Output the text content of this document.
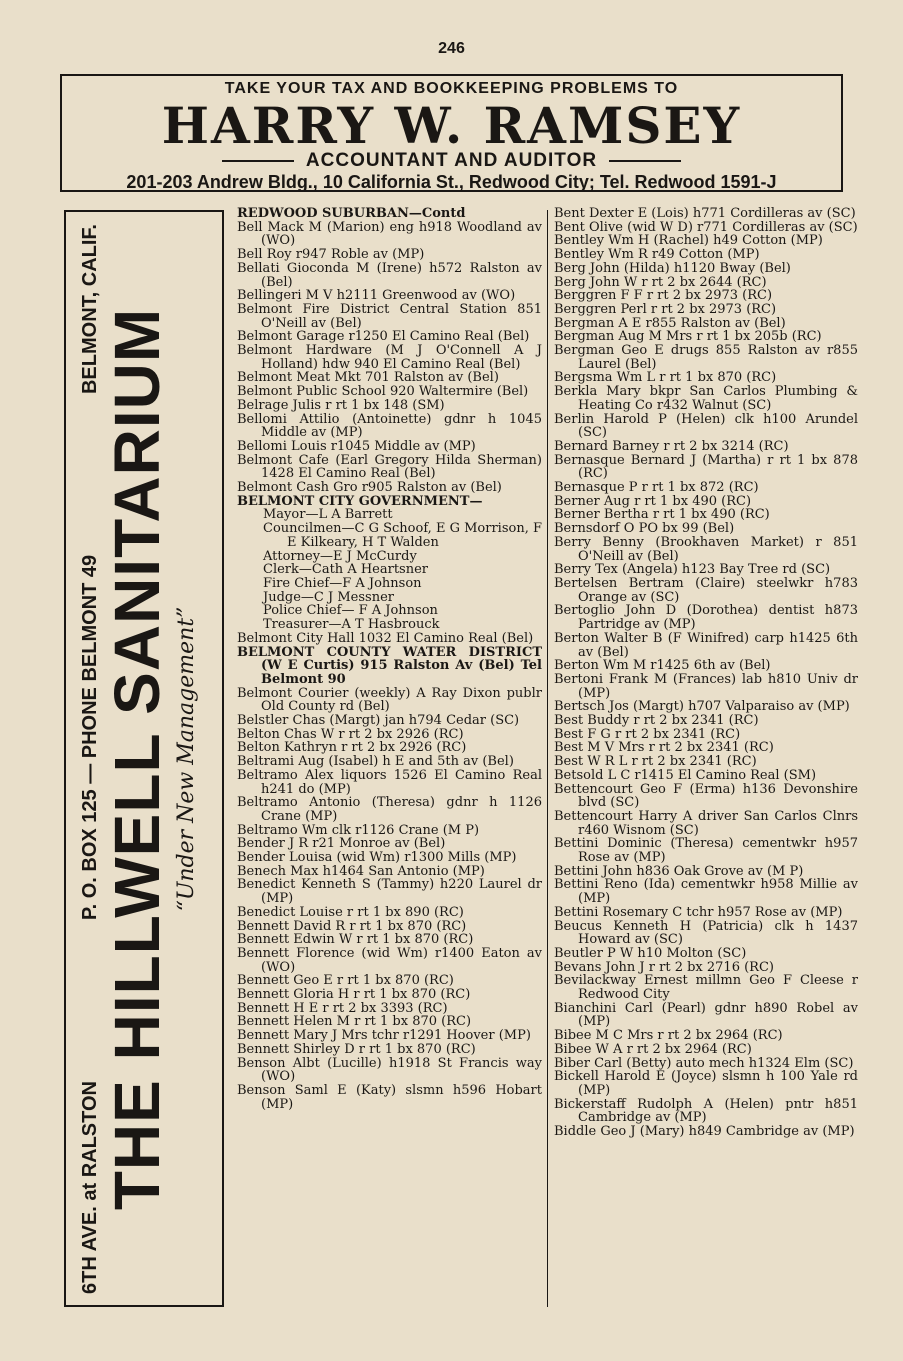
246
TAKE YOUR TAX AND BOOKKEEPING PROBLEMS TO
HARRY W. RAMSEY
ACCOUNTANT AND AUDITOR
201-203 Andrew Bldg., 10 California St., Redwood City; Tel. Redwood 1591-J
6TH AVE. at RALSTON
P. O. BOX 125 — PHONE BELMONT 49
BELMONT, CALIF. THE HILLWELL SANITARIUM “Under New Management”
REDWOOD SUBURBAN—Contd
Bell Mack M (Marion) eng h918 Woodland av (WO)
Bell Roy r947 Roble av (MP)
Bellati Gioconda M (Irene) h572 Ralston av (Bel)
Bellingeri M V h2111 Greenwood av (WO)
Belmont Fire District Central Station 851 O'Neill av (Bel)
Belmont Garage r1250 El Camino Real (Bel)
Belmont Hardware (M J O'Connell A J Holland) hdw 940 El Camino Real (Bel)
Belmont Meat Mkt 701 Ralston av (Bel)
Belmont Public School 920 Waltermire (Bel)
Belrage Julis r rt 1 bx 148 (SM)
Bellomi Attilio (Antoinette) gdnr h 1045 Middle av (MP)
Bellomi Louis r1045 Middle av (MP)
Belmont Cafe (Earl Gregory Hilda Sherman) 1428 El Camino Real (Bel)
Belmont Cash Gro r905 Ralston av (Bel)
BELMONT CITY GOVERNMENT—
Mayor—L A Barrett
Councilmen—C G Schoof, E G Morrison, F E Kilkeary, H T Walden
Attorney—E J McCurdy
Clerk—Cath A Heartsner
Fire Chief—F A Johnson
Judge—C J Messner
Police Chief— F A Johnson
Treasurer—A T Hasbrouck
Belmont City Hall 1032 El Camino Real (Bel)
BELMONT COUNTY WATER DISTRICT (W E Curtis) 915 Ralston Av (Bel) Tel Belmont 90
Belmont Courier (weekly) A Ray Dixon publr Old County rd (Bel)
Belstler Chas (Margt) jan h794 Cedar (SC)
Belton Chas W r rt 2 bx 2926 (RC)
Belton Kathryn r rt 2 bx 2926 (RC)
Beltrami Aug (Isabel) h E and 5th av (Bel)
Beltramo Alex liquors 1526 El Camino Real h241 do (MP)
Beltramo Antonio (Theresa) gdnr h 1126 Crane (MP)
Beltramo Wm clk r1126 Crane (M P)
Bender J R r21 Monroe av (Bel)
Bender Louisa (wid Wm) r1300 Mills (MP)
Benech Max h1464 San Antonio (MP)
Benedict Kenneth S (Tammy) h220 Laurel dr (MP)
Benedict Louise r rt 1 bx 890 (RC)
Bennett David R r rt 1 bx 870 (RC)
Bennett Edwin W r rt 1 bx 870 (RC)
Bennett Florence (wid Wm) r1400 Eaton av (WO)
Bennett Geo E r rt 1 bx 870 (RC)
Bennett Gloria H r rt 1 bx 870 (RC)
Bennett H E r rt 2 bx 3393 (RC)
Bennett Helen M r rt 1 bx 870 (RC)
Bennett Mary J Mrs tchr r1291 Hoover (MP)
Bennett Shirley D r rt 1 bx 870 (RC)
Benson Albt (Lucille) h1918 St Francis way (WO)
Benson Saml E (Katy) slsmn h596 Hobart (MP)
Bent Dexter E (Lois) h771 Cordilleras av (SC)
Bent Olive (wid W D) r771 Cordilleras av (SC)
Bentley Wm H (Rachel) h49 Cotton (MP)
Bentley Wm R r49 Cotton (MP)
Berg John (Hilda) h1120 Bway (Bel)
Berg John W r rt 2 bx 2644 (RC)
Berggren F F r rt 2 bx 2973 (RC)
Berggren Perl r rt 2 bx 2973 (RC)
Bergman A E r855 Ralston av (Bel)
Bergman Aug M Mrs r rt 1 bx 205b (RC)
Bergman Geo E drugs 855 Ralston av r855 Laurel (Bel)
Bergsma Wm L r rt 1 bx 870 (RC)
Berkla Mary bkpr San Carlos Plumbing & Heating Co r432 Walnut (SC)
Berlin Harold P (Helen) clk h100 Arundel (SC)
Bernard Barney r rt 2 bx 3214 (RC)
Bernasque Bernard J (Martha) r rt 1 bx 878 (RC)
Bernasque P r rt 1 bx 872 (RC)
Berner Aug r rt 1 bx 490 (RC)
Berner Bertha r rt 1 bx 490 (RC)
Bernsdorf O PO bx 99 (Bel)
Berry Benny (Brookhaven Market) r 851 O'Neill av (Bel)
Berry Tex (Angela) h123 Bay Tree rd (SC)
Bertelsen Bertram (Claire) steelwkr h783 Orange av (SC)
Bertoglio John D (Dorothea) dentist h873 Partridge av (MP)
Berton Walter B (F Winifred) carp h1425 6th av (Bel)
Berton Wm M r1425 6th av (Bel)
Bertoni Frank M (Frances) lab h810 Univ dr (MP)
Bertsch Jos (Margt) h707 Valparaiso av (MP)
Best Buddy r rt 2 bx 2341 (RC)
Best F G r rt 2 bx 2341 (RC)
Best M V Mrs r rt 2 bx 2341 (RC)
Best W R L r rt 2 bx 2341 (RC)
Betsold L C r1415 El Camino Real (SM)
Bettencourt Geo F (Erma) h136 Devonshire blvd (SC)
Bettencourt Harry A driver San Carlos Clnrs r460 Wisnom (SC)
Bettini Dominic (Theresa) cementwkr h957 Rose av (MP)
Bettini John h836 Oak Grove av (M P)
Bettini Reno (Ida) cementwkr h958 Millie av (MP)
Bettini Rosemary C tchr h957 Rose av (MP)
Beucus Kenneth H (Patricia) clk h 1437 Howard av (SC)
Beutler P W h10 Molton (SC)
Bevans John J r rt 2 bx 2716 (RC)
Bevilackway Ernest millmn Geo F Cleese r Redwood City
Bianchini Carl (Pearl) gdnr h890 Robel av (MP)
Bibee M C Mrs r rt 2 bx 2964 (RC)
Bibee W A r rt 2 bx 2964 (RC)
Biber Carl (Betty) auto mech h1324 Elm (SC)
Bickell Harold E (Joyce) slsmn h 100 Yale rd (MP)
Bickerstaff Rudolph A (Helen) pntr h851 Cambridge av (MP)
Biddle Geo J (Mary) h849 Cambridge av (MP)
